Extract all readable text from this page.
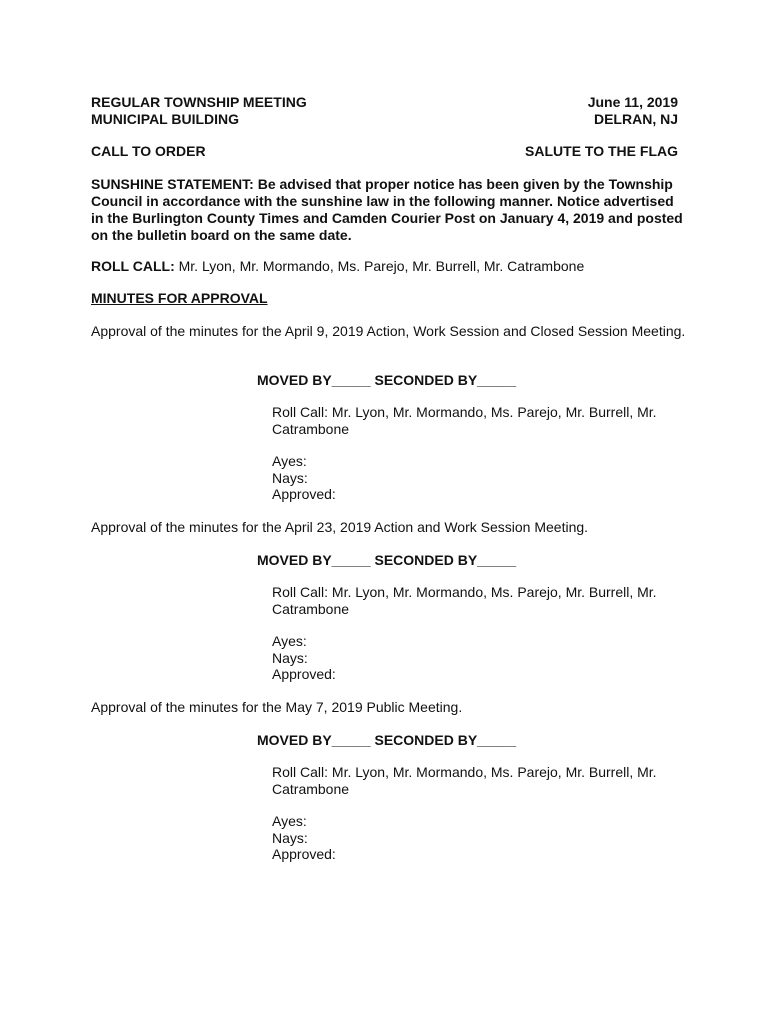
REGULAR TOWNSHIP MEETING	June 11, 2019
MUNICIPAL BUILDING	DELRAN, NJ
CALL TO ORDER	SALUTE TO THE FLAG
SUNSHINE STATEMENT: Be advised that proper notice has been given by the Township Council in accordance with the sunshine law in the following manner. Notice advertised in the Burlington County Times and Camden Courier Post on January 4, 2019 and posted on the bulletin board on the same date.
ROLL CALL: Mr. Lyon, Mr. Mormando, Ms. Parejo, Mr. Burrell, Mr. Catrambone
MINUTES FOR APPROVAL
Approval of the minutes for the April 9, 2019 Action, Work Session and Closed Session Meeting.
MOVED BY_____ SECONDED BY_____
Roll Call: Mr. Lyon, Mr. Mormando, Ms. Parejo, Mr. Burrell, Mr. Catrambone
Ayes:
Nays:
Approved:
Approval of the minutes for the April 23, 2019 Action and Work Session Meeting.
MOVED BY_____ SECONDED BY_____
Roll Call: Mr. Lyon, Mr. Mormando, Ms. Parejo, Mr. Burrell, Mr. Catrambone
Ayes:
Nays:
Approved:
Approval of the minutes for the May 7, 2019 Public Meeting.
MOVED BY_____ SECONDED BY_____
Roll Call: Mr. Lyon, Mr. Mormando, Ms. Parejo, Mr. Burrell, Mr. Catrambone
Ayes:
Nays:
Approved:
